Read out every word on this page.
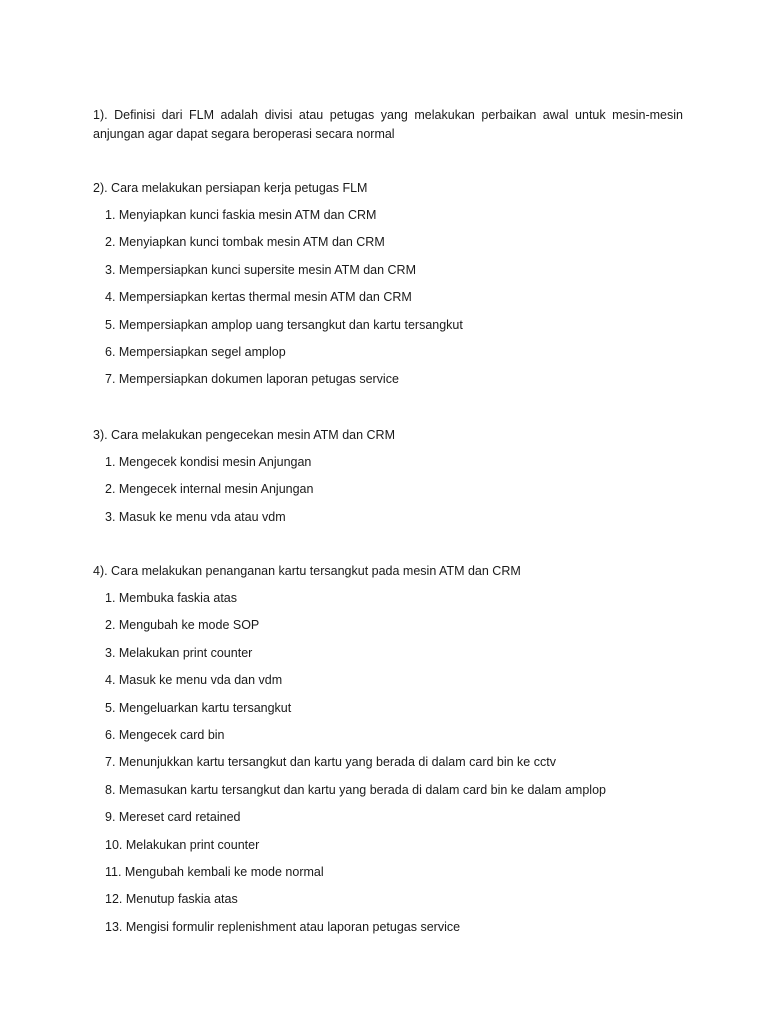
1). Definisi dari FLM adalah divisi atau petugas yang melakukan perbaikan awal untuk mesin-mesin anjungan agar dapat segara beroperasi secara normal

2). Cara melakukan persiapan kerja petugas FLM

1. Menyiapkan kunci faskia mesin ATM dan CRM
2. Menyiapkan kunci tombak mesin ATM dan CRM
3. Mempersiapkan kunci supersite mesin ATM dan CRM
4. Mempersiapkan kertas thermal mesin ATM dan CRM
5. Mempersiapkan amplop uang tersangkut dan kartu tersangkut
6. Mempersiapkan segel amplop
7. Mempersiapkan dokumen laporan petugas service

3). Cara melakukan pengecekan mesin ATM dan CRM

1. Mengecek kondisi mesin Anjungan
2. Mengecek internal mesin Anjungan
3. Masuk ke menu vda atau vdm

4). Cara melakukan penanganan kartu tersangkut pada mesin ATM dan CRM

1. Membuka faskia atas
2. Mengubah ke mode SOP
3. Melakukan print counter
4. Masuk ke menu vda dan vdm
5. Mengeluarkan kartu tersangkut
6. Mengecek card bin
7. Menunjukkan kartu tersangkut dan kartu yang berada di dalam card bin ke cctv
8. Memasukan kartu tersangkut dan kartu yang berada di dalam card bin ke dalam amplop
9. Mereset card retained
10. Melakukan print counter
11. Mengubah kembali ke mode normal
12. Menutup faskia atas
13. Mengisi formulir replenishment atau laporan petugas service
